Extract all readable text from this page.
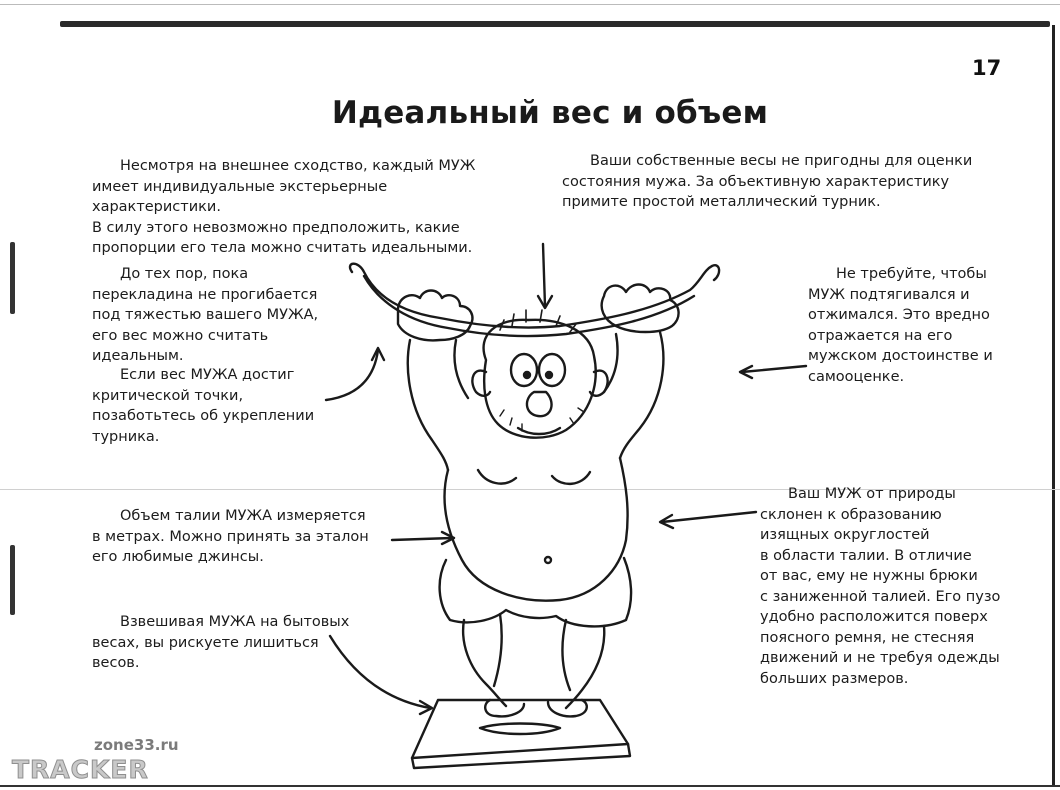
17
Идеальный вес и объем
Несмотря на внешнее сходство, каждый МУЖ
имеет индивидуальные экстерьерные характеристики.
В силу этого невозможно предположить, какие
пропорции его тела можно считать идеальными.
Ваши собственные весы не пригодны для оценки
состояния мужа. За объективную характеристику
примите простой металлический турник.
До тех пор, пока
перекладина не прогибается
под тяжестью вашего МУЖА,
его вес можно считать
идеальным.
Если вес МУЖА достиг
критической точки,
позаботьтесь об укреплении
турника.
Не требуйте, чтобы
МУЖ подтягивался и
отжимался. Это вредно
отражается на его
мужском достоинстве и
самооценке.
Объем талии МУЖА измеряется
в метрах. Можно принять за эталон
его любимые джинсы.
Ваш МУЖ от природы
склонен к образованию
изящных округлостей
в области талии. В отличие
от вас, ему не нужны брюки
с заниженной талией. Его пузо
удобно расположится поверх
поясного ремня, не стесняя
движений и не требуя одежды
больших размеров.
Взвешивая МУЖА на бытовых
весах, вы рискуете лишиться
весов.
zone33.ru
TRACKER
